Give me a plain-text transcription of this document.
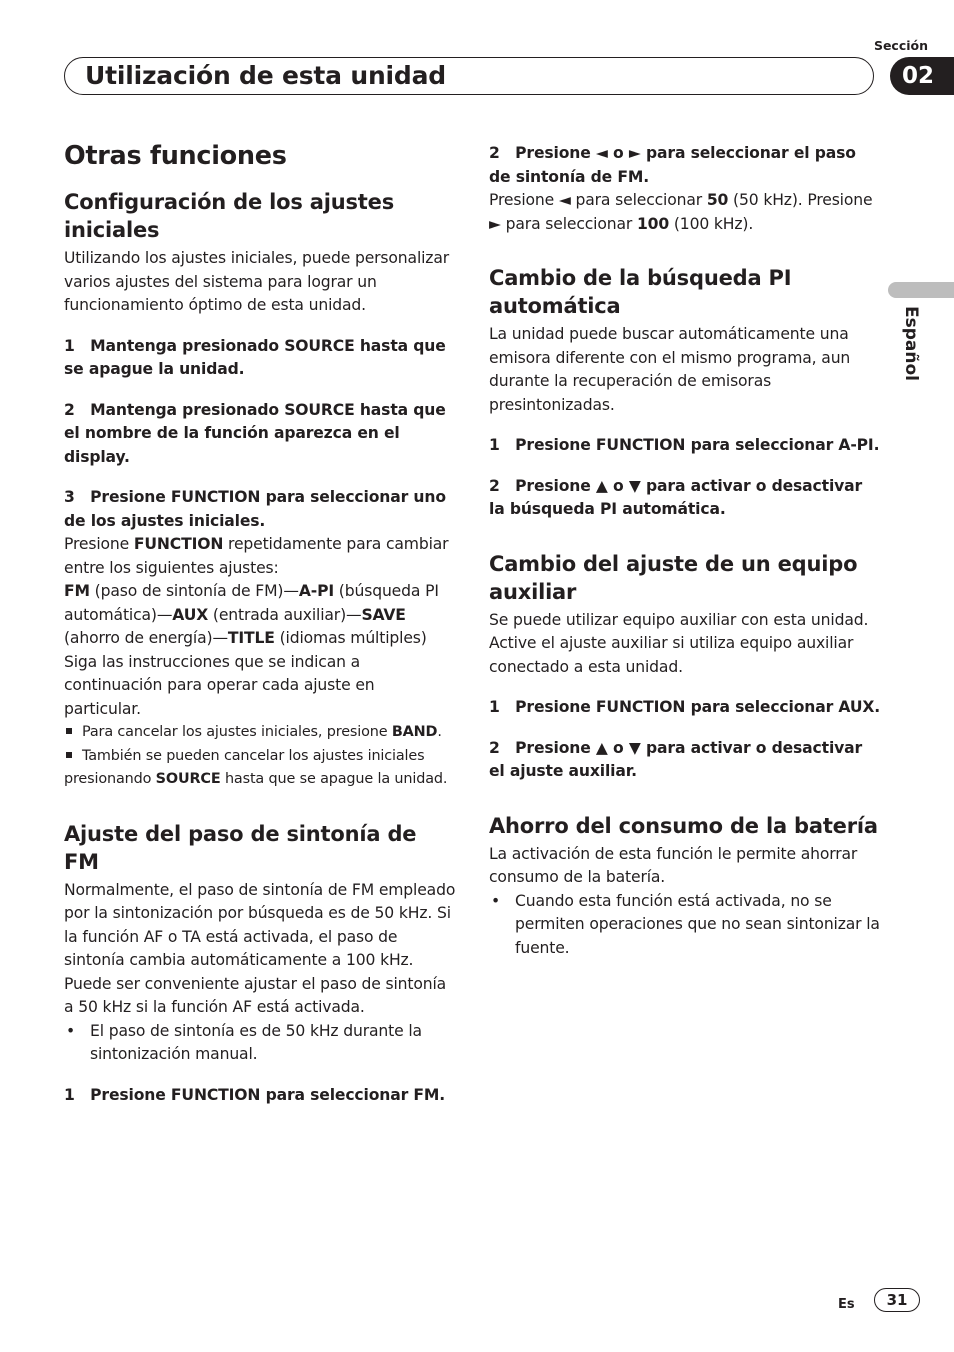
Sección
Utilización de esta unidad	02
Español
Otras funciones
Configuración de los ajustes iniciales

Utilizando los ajustes iniciales, puede personalizar varios ajustes del sistema para lograr un funcionamiento óptimo de esta unidad.

1 Mantenga presionado SOURCE hasta que se apague la unidad.

2 Mantenga presionado SOURCE hasta que el nombre de la función aparezca en el display.

3 Presione FUNCTION para seleccionar uno de los ajustes iniciales.

Presione FUNCTION repetidamente para cambiar entre los siguientes ajustes:

FM (paso de sintonía de FM)—A-PI (búsqueda PI automática)—AUX (entrada auxiliar)—SAVE (ahorro de energía)—TITLE (idiomas múltiples)

Siga las instrucciones que se indican a continuación para operar cada ajuste en particular.

Para cancelar los ajustes iniciales, presione BAND.

También se pueden cancelar los ajustes iniciales presionando SOURCE hasta que se apague la unidad.

Ajuste del paso de sintonía de FM

Normalmente, el paso de sintonía de FM empleado por la sintonización por búsqueda es de 50 kHz. Si la función AF o TA está activada, el paso de sintonía cambia automáticamente a 100 kHz. Puede ser conveniente ajustar el paso de sintonía a 50 kHz si la función AF está activada.

• El paso de sintonía es de 50 kHz durante la sintonización manual.

1 Presione FUNCTION para seleccionar FM.

2 Presione ◄ o ► para seleccionar el paso de sintonía de FM.

Presione ◄ para seleccionar 50 (50 kHz). Presione ► para seleccionar 100 (100 kHz).

Cambio de la búsqueda PI automática

La unidad puede buscar automáticamente una emisora diferente con el mismo programa, aun durante la recuperación de emisoras presintonizadas.

1 Presione FUNCTION para seleccionar A-PI.

2 Presione ▲ o ▼ para activar o desactivar la búsqueda PI automática.

Cambio del ajuste de un equipo auxiliar

Se puede utilizar equipo auxiliar con esta unidad. Active el ajuste auxiliar si utiliza equipo auxiliar conectado a esta unidad.

1 Presione FUNCTION para seleccionar AUX.

2 Presione ▲ o ▼ para activar o desactivar el ajuste auxiliar.

Ahorro del consumo de la batería

La activación de esta función le permite ahorrar consumo de la batería.

• Cuando esta función está activada, no se permiten operaciones que no sean sintonizar la fuente.

Es	31
